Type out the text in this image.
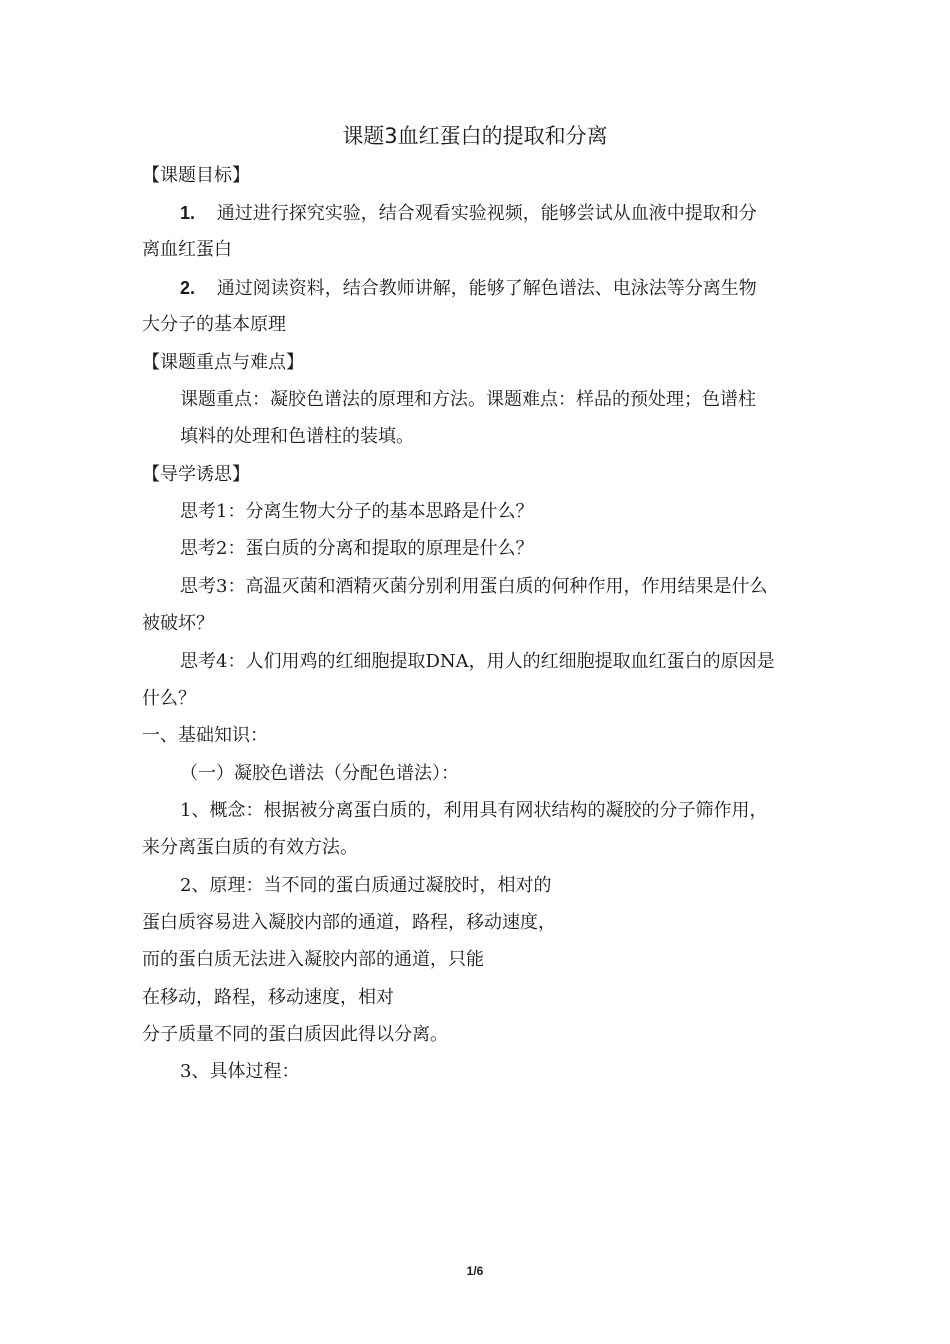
课题3血红蛋白的提取和分离
【课题目标】
1. 通过进行探究实验，结合观看实验视频，能够尝试从血液中提取和分
离血红蛋白
2. 通过阅读资料，结合教师讲解，能够了解色谱法、电泳法等分离生物
大分子的基本原理
【课题重点与难点】
课题重点：凝胶色谱法的原理和方法。课题难点：样品的预处理；色谱柱
填料的处理和色谱柱的装填。
【导学诱思】
思考1：分离生物大分子的基本思路是什么？
思考2：蛋白质的分离和提取的原理是什么？
思考3：高温灭菌和酒精灭菌分别利用蛋白质的何种作用，作用结果是什么
被破坏？
思考4：人们用鸡的红细胞提取DNA，用人的红细胞提取血红蛋白的原因是
什么？
一、基础知识：
（一）凝胶色谱法（分配色谱法）：
1、概念：根据被分离蛋白质的，利用具有网状结构的凝胶的分子筛作用，
来分离蛋白质的有效方法。
2、原理：当不同的蛋白质通过凝胶时，相对的
蛋白质容易进入凝胶内部的通道，路程，移动速度，
而的蛋白质无法进入凝胶内部的通道，只能
在移动，路程，移动速度，相对
分子质量不同的蛋白质因此得以分离。
3、具体过程：
1/6
